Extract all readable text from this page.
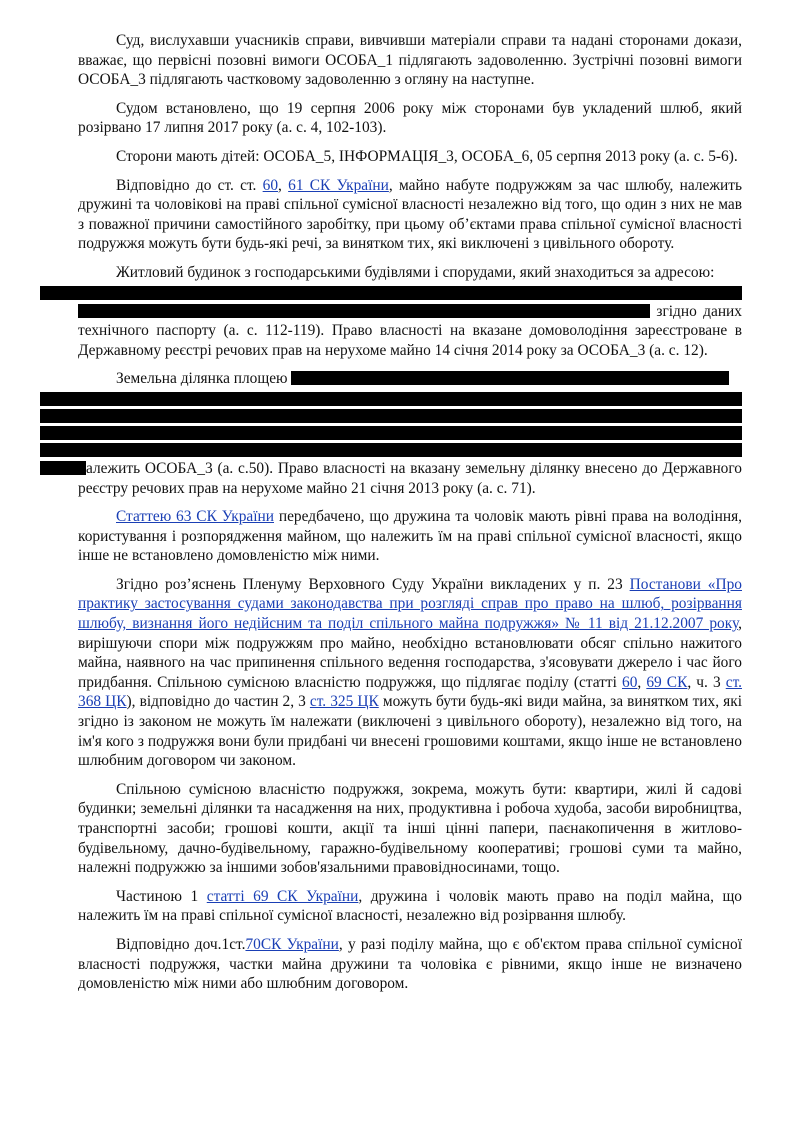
Суд, вислухавши учасників справи, вивчивши матеріали справи та надані сторонами докази, вважає, що первісні позовні вимоги ОСОБА_1 підлягають задоволенню. Зустрічні позовні вимоги ОСОБА_3 підлягають частковому задоволенню з огляну на наступне.

Судом встановлено, що 19 серпня 2006 року між сторонами був укладений шлюб, який розірвано 17 липня 2017 року (а. с. 4, 102-103).

Сторони мають дітей: ОСОБА_5, ІНФОРМАЦІЯ_3, ОСОБА_6, 05 серпня 2013 року (а. с. 5-6).

Відповідно до ст. ст. 60, 61 СК України, майно набуте подружжям за час шлюбу, належить дружині та чоловікові на праві спільної сумісної власності незалежно від того, що один з них не мав з поважної причини самостійного заробітку, при цьому об’єктами права спільної сумісної власності подружжя можуть бути будь-які речі, за винятком тих, які виключені з цивільного обороту.

Житловий будинок з господарськими будівлями і спорудами, який знаходиться за адресою:
згідно даних технічного паспорту (а. с. 112-119). Право власності на вказане домоволодіння зареєстроване в Державному реєстрі речових прав на нерухоме майно 14 січня 2014 року за ОСОБА_3 (а. с. 12).

Земельна ділянка площею
алежить ОСОБА_3 (а. с.50). Право власності на вказану земельну ділянку внесено до Державного реєстру речових прав на нерухоме майно 21 січня 2013 року (а. с. 71).

Статтею 63 СК України передбачено, що дружина та чоловік мають рівні права на володіння, користування і розпорядження майном, що належить їм на праві спільної сумісної власності, якщо інше не встановлено домовленістю між ними.

Згідно роз’яснень Пленуму Верховного Суду України викладених у п. 23 Постанови «Про практику застосування судами законодавства при розгляді справ про право на шлюб, розірвання шлюбу, визнання його недійсним та поділ спільного майна подружжя» № 11 від 21.12.2007 року, вирішуючи спори між подружжям про майно, необхідно встановлювати обсяг спільно нажитого майна, наявного на час припинення спільного ведення господарства, з'ясовувати джерело і час його придбання. Спільною сумісною власністю подружжя, що підлягає поділу (статті 60, 69 СК, ч. 3 ст. 368 ЦК), відповідно до частин 2, 3 ст. 325 ЦК можуть бути будь-які види майна, за винятком тих, які згідно із законом не можуть їм належати (виключені з цивільного обороту), незалежно від того, на ім'я кого з подружжя вони були придбані чи внесені грошовими коштами, якщо інше не встановлено шлюбним договором чи законом.

Спільною сумісною власністю подружжя, зокрема, можуть бути: квартири, жилі й садові будинки; земельні ділянки та насадження на них, продуктивна і робоча худоба, засоби виробництва, транспортні засоби; грошові кошти, акції та інші цінні папери, паєнакопичення в житлово-будівельному, дачно-будівельному, гаражно-будівельному кооперативі; грошові суми та майно, належні подружжю за іншими зобов'язальними правовідносинами, тощо.

Частиною 1 статті 69 СК України, дружина і чоловік мають право на поділ майна, що належить їм на праві спільної сумісної власності, незалежно від розірвання шлюбу.

Відповідно доч.1ст.70СК України, у разі поділу майна, що є об'єктом права спільної сумісної власності подружжя, частки майна дружини та чоловіка є рівними, якщо інше не визначено домовленістю між ними або шлюбним договором.
